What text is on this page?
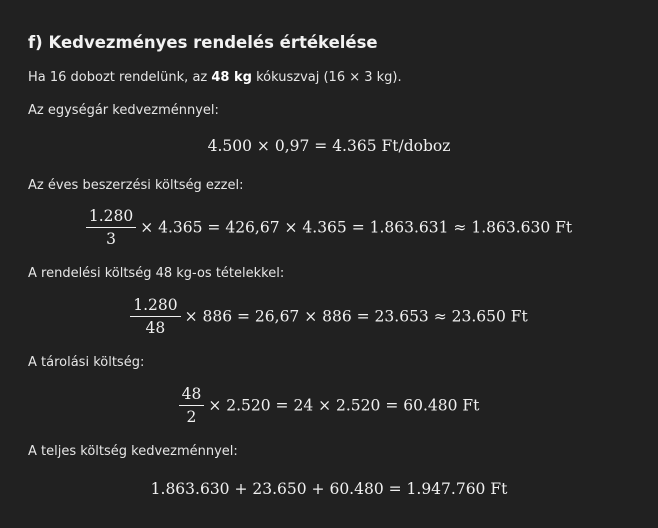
f) Kedvezményes rendelés értékelése
Ha 16 dobozt rendelünk, az 48 kg kókuszvaj (16 × 3 kg).
Az egységár kedvezménnyel:
4.500 × 0,97 = 4.365 Ft/doboz
Az éves beszerzési költség ezzel:
$\frac{1.280}{3} \times 4.365 = 426,67 \times 4.365 = 1.863.631 \approx 1.863.630$ Ft
A rendelési költség 48 kg-os tételekkel:
$\frac{1.280}{48} \times 886 = 26,67 \times 886 = 23.653 \approx 23.650$ Ft
A tárolási költség:
$\frac{48}{2} \times 2.520 = 24 \times 2.520 = 60.480$ Ft
A teljes költség kedvezménnyel:
1.863.630 + 23.650 + 60.480 = 1.947.760 Ft
